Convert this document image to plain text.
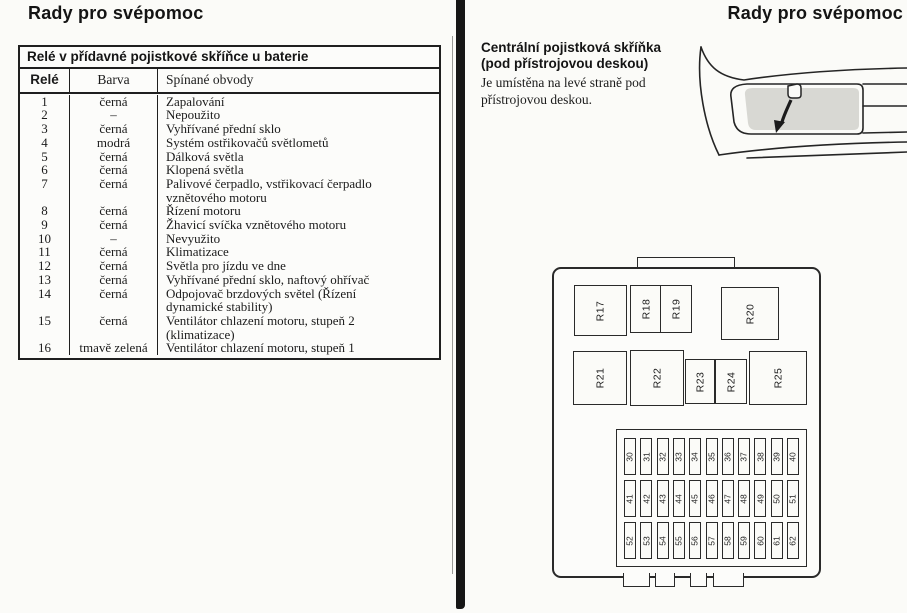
Rady pro svépomoc	Rady pro svépomoc
Relé v přídavné pojistkové skříňce u baterie
Relé	Barva	Spínané obvody
1	černá	Zapalování
2	–	Nepoužito
3	černá	Vyhřívané přední sklo
4	modrá	Systém ostřikovačů světlometů
5	černá	Dálková světla
6	černá	Klopená světla
7	černá	Palivové čerpadlo, vstřikovací čerpadlo vznětového motoru
8	černá	Řízení motoru
9	černá	Žhavicí svíčka vznětového motoru
10	–	Nevyužito
11	černá	Klimatizace
12	černá	Světla pro jízdu ve dne
13	černá	Vyhřívané přední sklo, naftový ohřívač
14	černá	Odpojovač brzdových světel (Řízení dynamické stability)
15	černá	Ventilátor chlazení motoru, stupeň 2 (klimatizace)
16	tmavě zelená	Ventilátor chlazení motoru, stupeň 1
Centrální pojistková skříňka
(pod přístrojovou deskou)
Je umístěna na levé straně pod přístrojovou deskou.
30 31 32 33 34 35 36 37 38 39 40
41 42 43 44 45 46 47 48 49 50 51
52 53 54 55 56 57 58 59 60 61 62
R17	R18 R19	R20
R21	R22	R23 R24	R25
